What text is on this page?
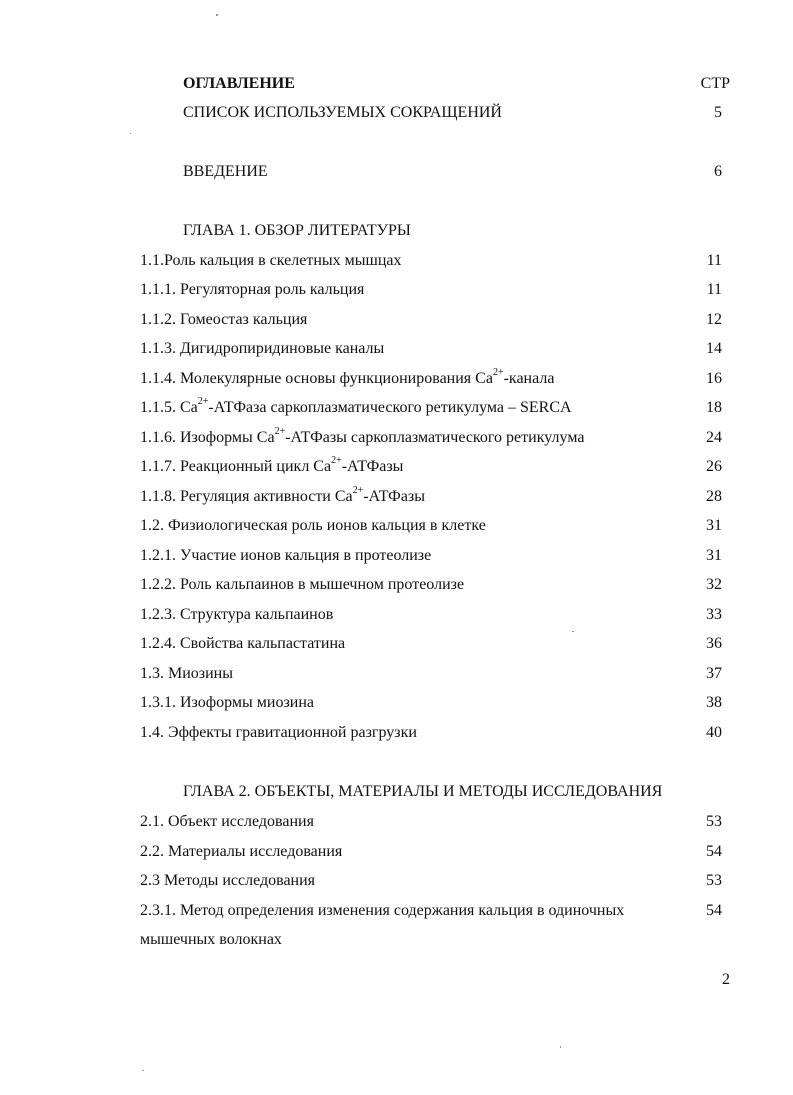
ОГЛАВЛЕНИЕ	СТР
СПИСОК ИСПОЛЬЗУЕМЫХ СОКРАЩЕНИЙ	5
ВВЕДЕНИЕ	6
ГЛАВА 1. ОБЗОР ЛИТЕРАТУРЫ
1.1.Роль кальция в скелетных мышцах	11
1.1.1. Регуляторная роль кальция	11
1.1.2. Гомеостаз кальция	12
1.1.3. Дигидропиридиновые каналы	14
1.1.4. Молекулярные основы функционирования $Са^{2+}$-канала	16
1.1.5. $Са^{2+}$-АТФаза саркоплазматического ретикулума – SERCA	18
1.1.6. Изоформы $Са^{2+}$-АТФазы саркоплазматического ретикулума	24
1.1.7. Реакционный цикл $Са^{2+}$-АТФазы	26
1.1.8. Регуляция активности $Са^{2+}$-АТФазы	28
1.2. Физиологическая роль ионов кальция в клетке	31
1.2.1. Участие ионов кальция в протеолизе	31
1.2.2. Роль кальпаинов в мышечном протеолизе	32
1.2.3. Структура кальпаинов	33
1.2.4. Свойства кальпастатина	36
1.3. Миозины	37
1.3.1. Изоформы миозина	38
1.4. Эффекты гравитационной разгрузки	40
ГЛАВА 2. ОБЪЕКТЫ, МАТЕРИАЛЫ И МЕТОДЫ ИССЛЕДОВАНИЯ
2.1. Объект исследования	53
2.2. Материалы исследования	54
2.3 Методы исследования	53
2.3.1. Метод определения изменения содержания кальция в одиночных	54
мышечных волокнах
2
